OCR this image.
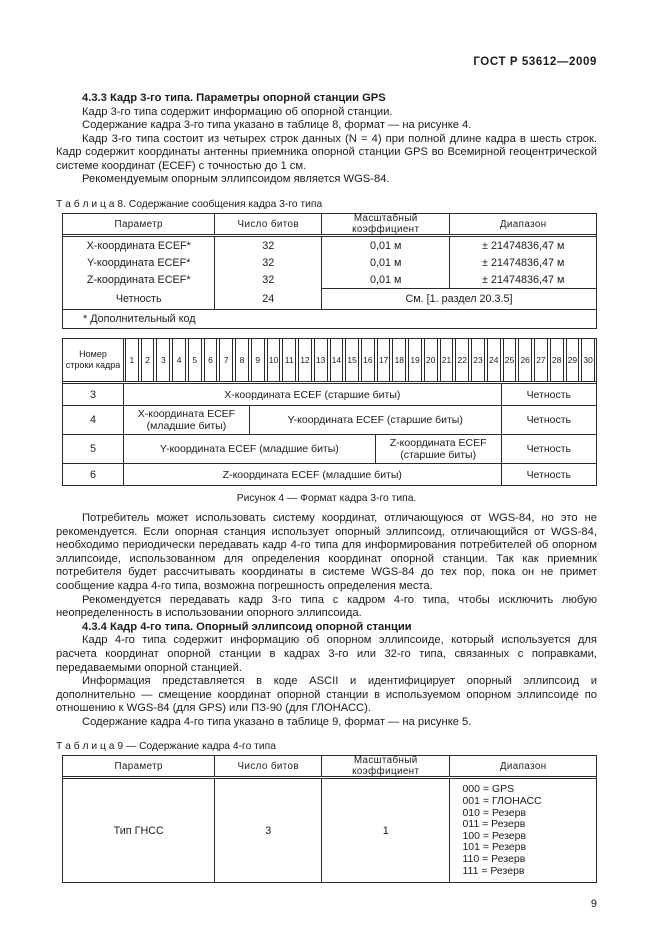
ГОСТ Р 53612—2009

4.3.3 Кадр 3-го типа. Параметры опорной станции GPS

Кадр 3-го типа содержит информацию об опорной станции.

Содержание кадра 3-го типа указано в таблице 8, формат — на рисунке 4.

Кадр 3-го типа состоит из четырех строк данных (N = 4) при полной длине кадра в шесть строк. Кадр содержит координаты антенны приемника опорной станции GPS во Всемирной геоцентрической системе координат (ECEF) с точностью до 1 см.

Рекомендуемым опорным эллипсоидом является WGS-84.

Т а б л и ц а 8. Содержание сообщения кадра 3-го типа
Параметр	Число битов	Масштабный коэффициент	Диапазон
X-координата ECEF*	32	0,01 м	± 21474836,47 м
Y-координата ECEF*	32	0,01 м	± 21474836,47 м
Z-координата ECEF*	32	0,01 м	± 21474836,47 м
Четность	24	См. [1. раздел 20.3.5]
* Дополнительный код
Номер строки кадра	1	2	3	4	5	6	7	8	9	10 11 12 13 14 15 16 17 18 19 20 21 22 23 24 25 26 27 28 29 30
3	X-координата ECEF (старшие биты)	Четность
4	X-координата ECEF (младшие биты)	Y-координата ECEF (старшие биты)	Четность
5	Y-координата ECEF (младшие биты)	Z-координата ECEF (старшие биты)	Четность
6	Z-координата ECEF (младшие биты)	Четность
Рисунок 4 — Формат кадра 3-го типа.

Потребитель может использовать систему координат, отличающуюся от WGS-84, но это не рекомендуется. Если опорная станция использует опорный эллипсоид, отличающийся от WGS-84, необходимо периодически передавать кадр 4-го типа для информирования потребителей об опорном эллипсоиде, использованном для определения координат опорной станции. Так как приемник потребителя будет рассчитывать координаты в системе WGS-84 до тех пор, пока он не примет сообщение кадра 4-го типа, возможна погрешность определения места.

Рекомендуется передавать кадр 3-го типа с кадром 4-го типа, чтобы исключить любую неопределенность в использовании опорного эллипсоида.

4.3.4 Кадр 4-го типа. Опорный эллипсоид опорной станции

Кадр 4-го типа содержит информацию об опорном эллипсоиде, который используется для расчета координат опорной станции в кадрах 3-го или 32-го типа, связанных с поправками, передаваемыми опорной станцией.

Информация представляется в коде ASCII и идентифицирует опорный эллипсоид и дополнительно — смещение координат опорной станции в используемом опорном эллипсоиде по отношению к WGS-84 (для GPS) или ПЗ-90 (для ГЛОНАСС).

Содержание кадра 4-го типа указано в таблице 9, формат — на рисунке 5.

Т а б л и ц а 9 — Содержание кадра 4-го типа
Параметр	Число битов	Масштабный коэффициент	Диапазон
Тип ГНСС	3	1
000 = GPS
001 = ГЛОНАСС
010 = Резерв
011 = Резерв
100 = Резерв
101 = Резерв
110 = Резерв
111 = Резерв
9
